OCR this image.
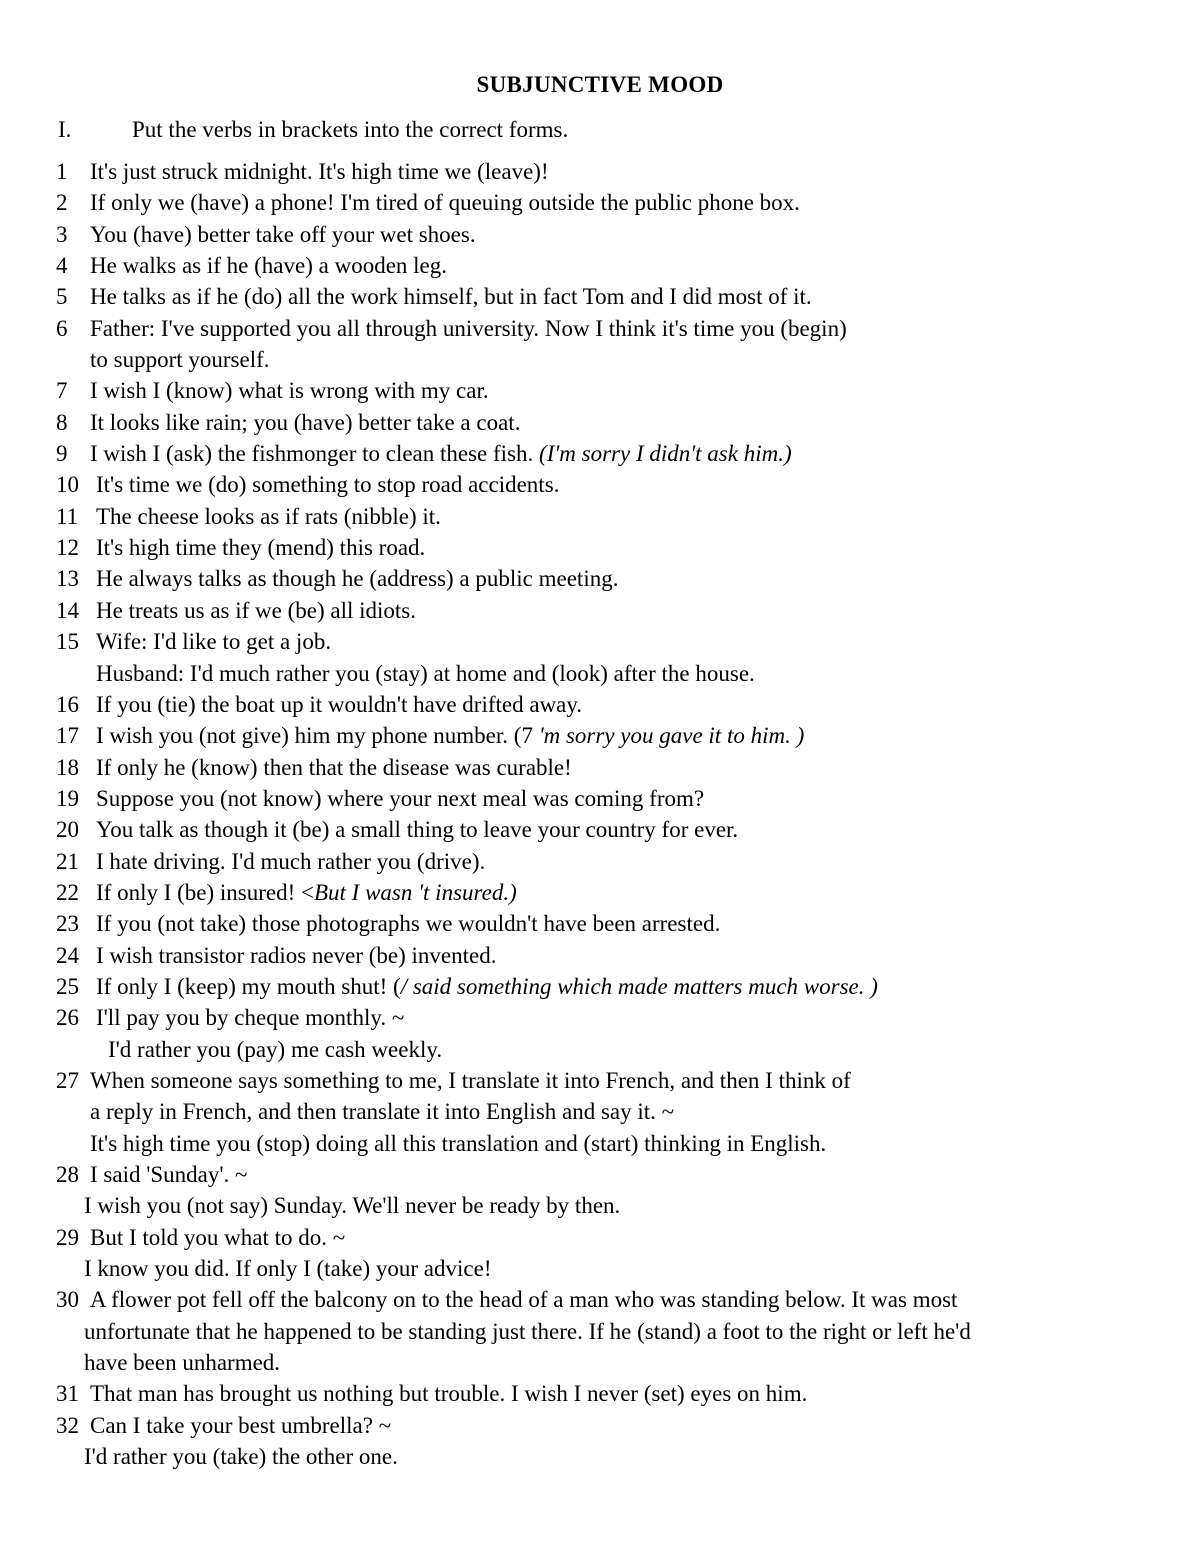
SUBJUNCTIVE MOOD
I.	Put the verbs in brackets into the correct forms.
1 It's just struck midnight. It's high time we (leave)!
2 If only we (have) a phone! I'm tired of queuing outside the public phone box.
3 You (have) better take off your wet shoes.
4 He walks as if he (have) a wooden leg.
5 He talks as if he (do) all the work himself, but in fact Tom and I did most of it.
6 Father: I've supported you all through university. Now I think it's time you (begin)
to support yourself.
7 I wish I (know) what is wrong with my car.
8 It looks like rain; you (have) better take a coat.
9 I wish I (ask) the fishmonger to clean these fish. (I'm sorry I didn't ask him.)
10 It's time we (do) something to stop road accidents.
11 The cheese looks as if rats (nibble) it.
12 It's high time they (mend) this road.
13 He always talks as though he (address) a public meeting.
14 He treats us as if we (be) all idiots.
15 Wife: I'd like to get a job.
Husband: I'd much rather you (stay) at home and (look) after the house.
16 If you (tie) the boat up it wouldn't have drifted away.
17 I wish you (not give) him my phone number. (7 'm sorry you gave it to him. )
18 If only he (know) then that the disease was curable!
19 Suppose you (not know) where your next meal was coming from?
20 You talk as though it (be) a small thing to leave your country for ever.
21 I hate driving. I'd much rather you (drive).
22 If only I (be) insured! <But I wasn 't insured.)
23 If you (not take) those photographs we wouldn't have been arrested.
24 I wish transistor radios never (be) invented.
25 If only I (keep) my mouth shut! (/ said something which made matters much worse. )
26 I'll pay you by cheque monthly. ~
I'd rather you (pay) me cash weekly.
27 When someone says something to me, I translate it into French, and then I think of
a reply in French, and then translate it into English and say it. ~
It's high time you (stop) doing all this translation and (start) thinking in English.
28 I said 'Sunday'. ~
I wish you (not say) Sunday. We'll never be ready by then.
29 But I told you what to do. ~
I know you did. If only I (take) your advice!
30 A flower pot fell off the balcony on to the head of a man who was standing below. It was most
unfortunate that he happened to be standing just there. If he (stand) a foot to the right or left he'd
have been unharmed.
31 That man has brought us nothing but trouble. I wish I never (set) eyes on him.
32 Can I take your best umbrella? ~
I'd rather you (take) the other one.
